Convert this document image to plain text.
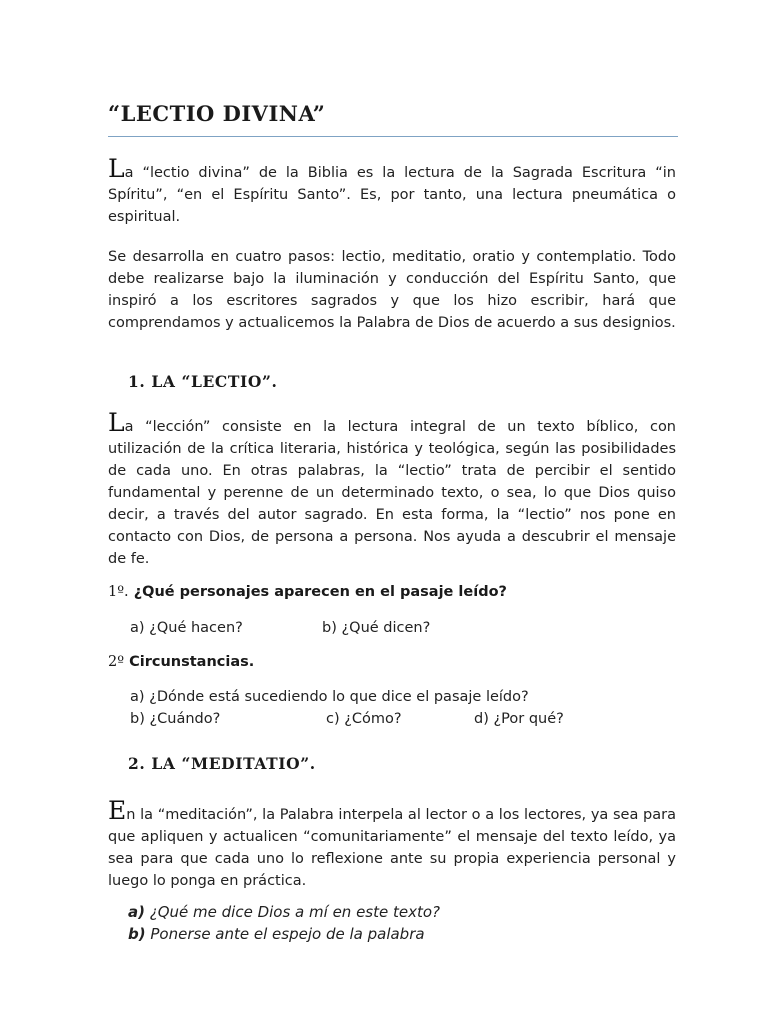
“LECTIO DIVINA”

La “lectio divina” de la Biblia es la lectura de la Sagrada Escritura “in Spíritu”, “en el Espíritu Santo”. Es, por tanto, una lectura pneumática o espiritual.

Se desarrolla en cuatro pasos: lectio, meditatio, oratio y contemplatio. Todo debe realizarse bajo la iluminación y conducción del Espíritu Santo, que inspiró a los escritores sagrados y que los hizo escribir, hará que comprendamos y actualicemos la Palabra de Dios de acuerdo a sus designios.

1. LA “LECTIO”.

La “lección” consiste en la lectura integral de un texto bíblico, con utilización de la crítica literaria, histórica y teológica, según las posibilidades de cada uno. En otras palabras, la “lectio” trata de percibir el sentido fundamental y perenne de un determinado texto, o sea, lo que Dios quiso decir, a través del autor sagrado. En esta forma, la “lectio” nos pone en contacto con Dios, de persona a persona. Nos ayuda a descubrir el mensaje de fe.

1º. ¿Qué personajes aparecen en el pasaje leído?

a) ¿Qué hacen?	b) ¿Qué dicen?

2º Circunstancias.

a) ¿Dónde está sucediendo lo que dice el pasaje leído?

b) ¿Cuándo?	c) ¿Cómo?	d) ¿Por qué?

2. LA “MEDITATIO”.

En la “meditación”, la Palabra interpela al lector o a los lectores, ya sea para que apliquen y actualicen “comunitariamente” el mensaje del texto leído, ya sea para que cada uno lo reflexione ante su propia experiencia personal y luego lo ponga en práctica.

a) ¿Qué me dice Dios a mí en este texto?

b) Ponerse ante el espejo de la palabra
